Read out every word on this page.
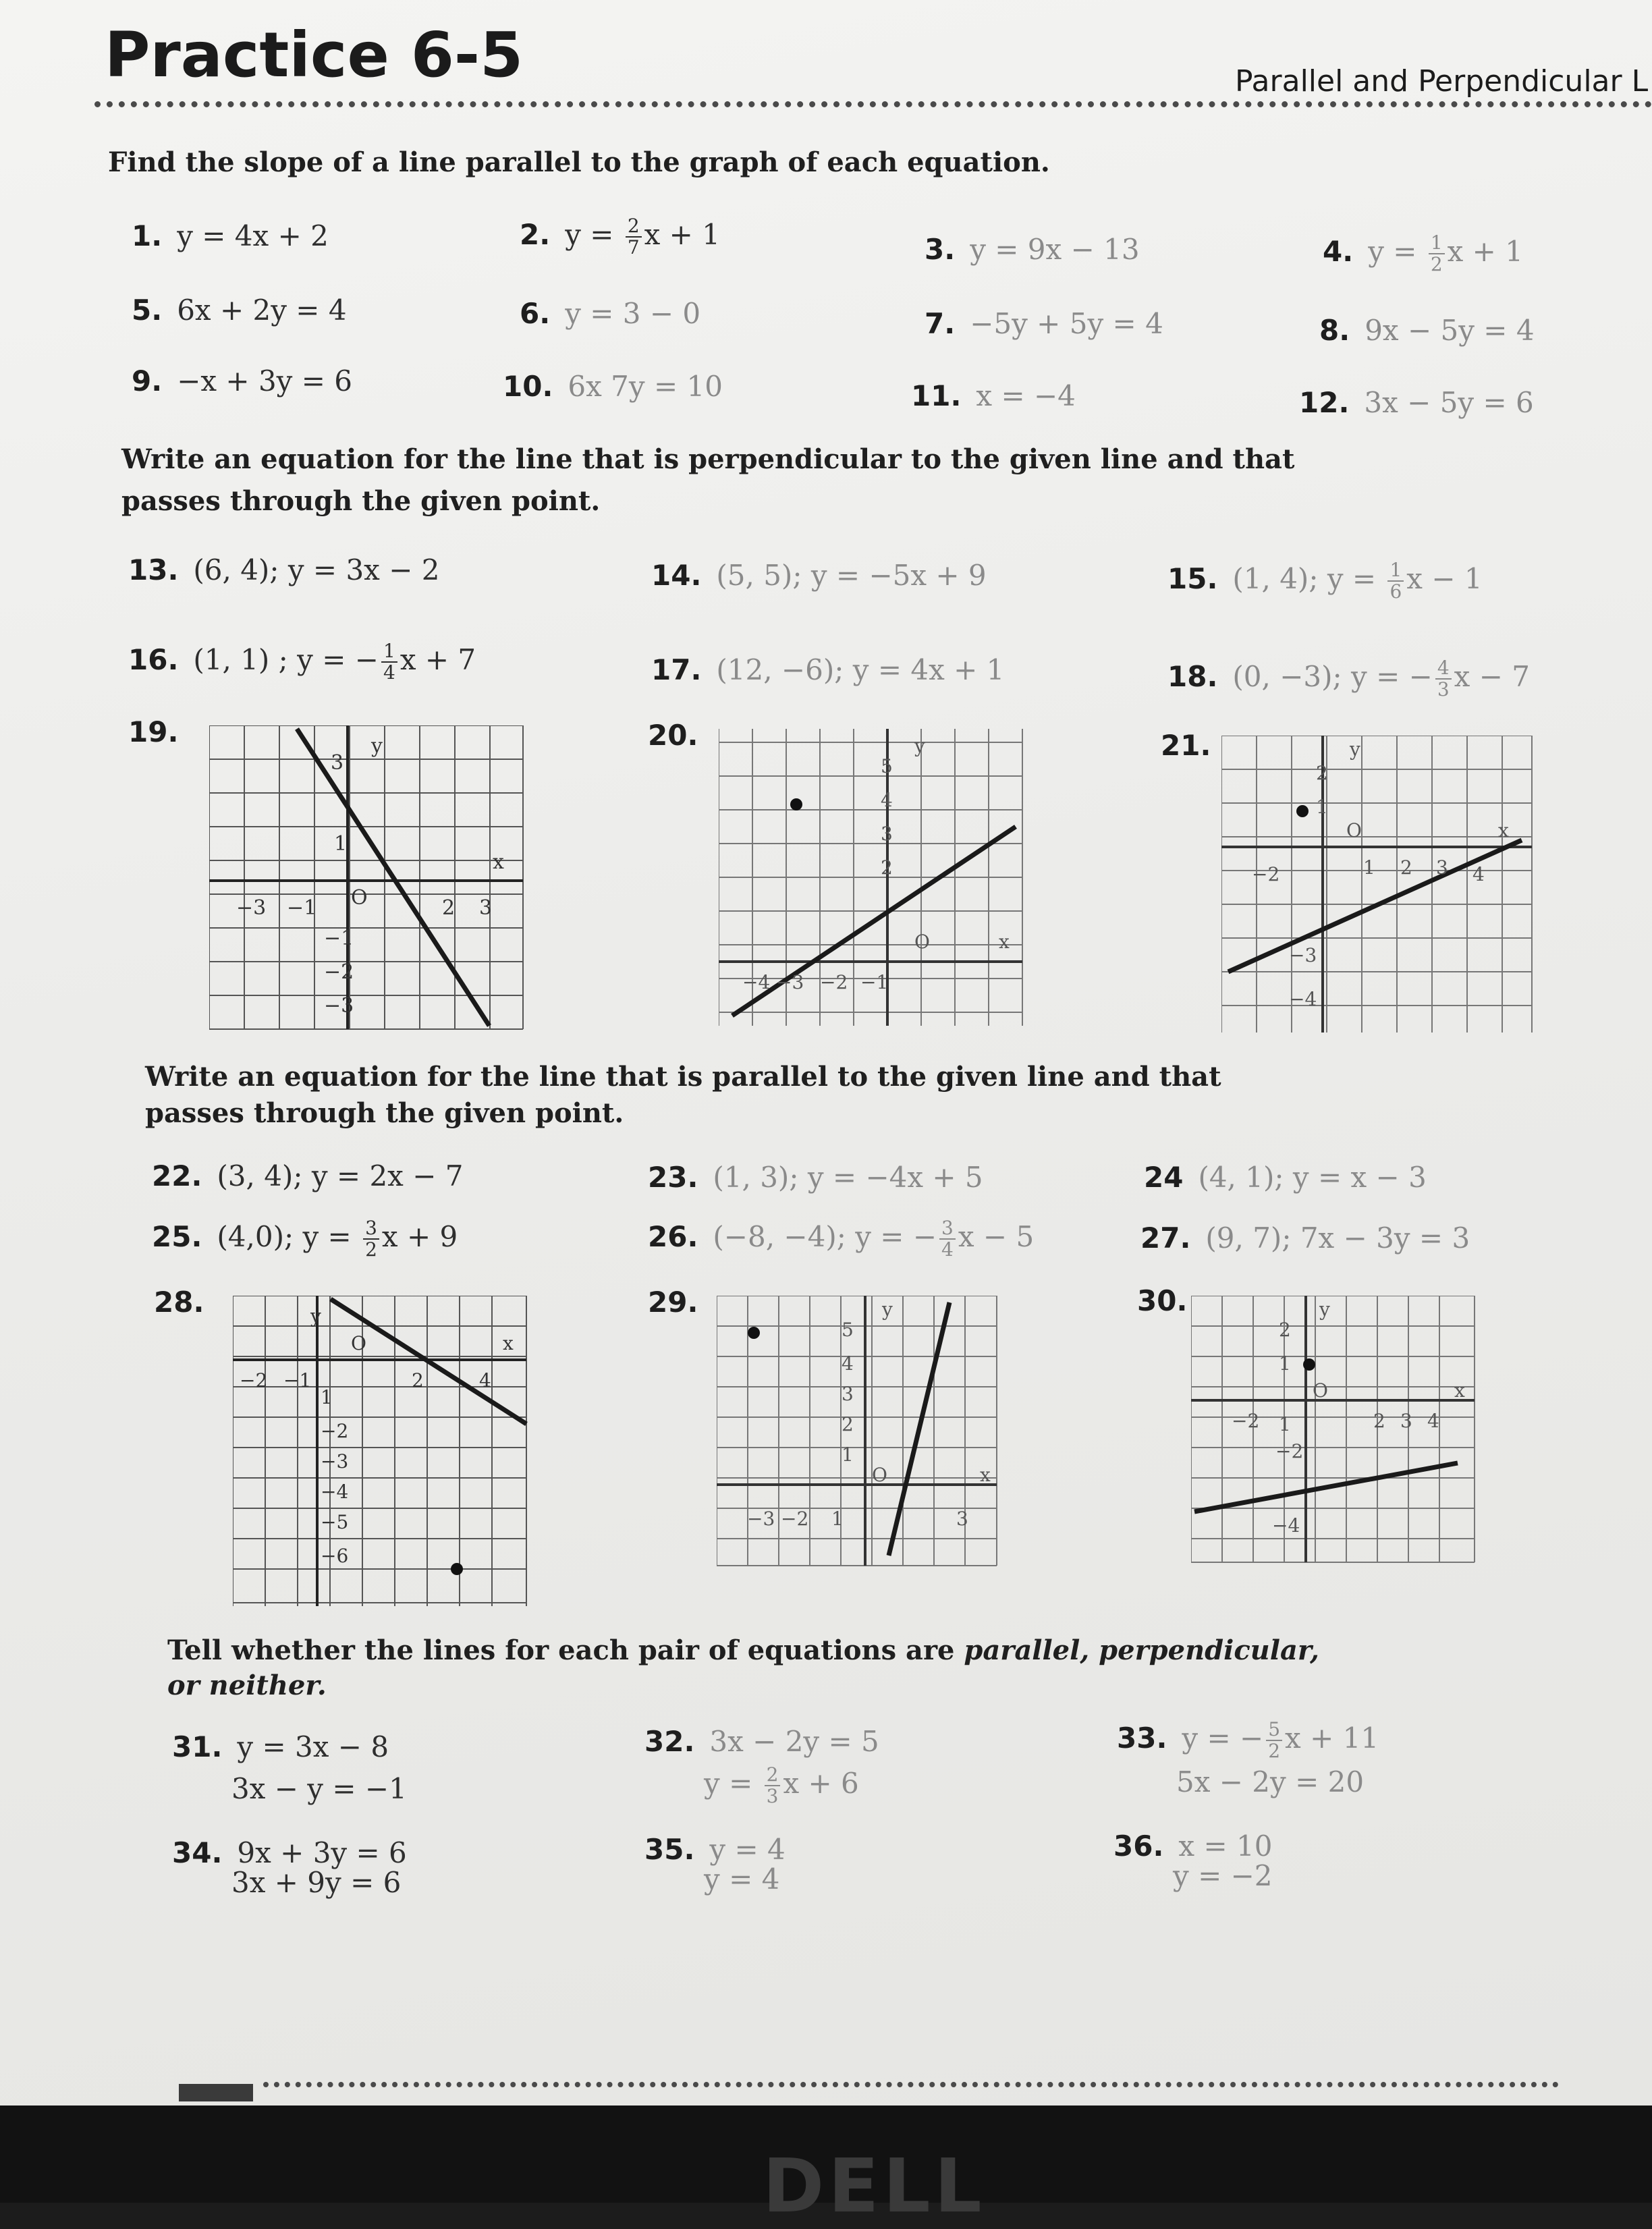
Practice 6-5	Parallel and Perpendicular L
Find the slope of a line parallel to the graph of each equation.
1. y = 4x + 2	2. $y = \frac{2}{7}$ x + 1	3. y = 9x − 13	4. $y = \frac{1}{2}$ x + 1
5. 6x + 2y = 4	6. y = 3 − 0	7. −5y + 5y = 4	8. 9x − 5y = 4
9. −x + 3y = 6	10. 6x 7y = 10	11. x = −4	12. 3x − 5y = 6
Write an equation for the line that is perpendicular to the given line and that
passes through the given point.
13. (6, 4); y = 3x − 2	14. (5, 5); y = −5x + 9	15. (1, 4); $y = \frac{1}{6}$ x − 1
16. (1, 1) ; y = − $\frac{1}{4}$ x + 7	17. (12, −6); y = 4x + 1	18. (0, −3); y = − $\frac{4}{3}$ x − 7
19.	20.	21.
y
x
O
3
1
−3 −1	2 3
−1
−2
−3
y
x
O
5
4
3
2
−4 −3 −2 −1
y
x
O
2
1
−2	1 2 3 4
−3
−4
Write an equation for the line that is parallel to the given line and that
passes through the given point.
22. (3, 4); y = 2x − 7	23. (1, 3); y = −4x + 5	24 (4, 1); y = x − 3
25. (4,0); $y = \frac{3}{2}$ x + 9	26. (−8, −4); y = − $\frac{3}{4}$ x − 5	27. (9, 7); 7x − 3y = 3
28.	29.	30.
y
x
O
−2 −1	2	4
1
−2
−3
−4
−5
−6
y
x
O
5
4
3
2
1
−3 −2 1	3
y
x
O
2
1
−2 1	2 3 4
−2
−4
Tell whether the lines for each pair of equations are parallel, perpendicular,
or neither.
31. y = 3x − 8
3x − y = −1
32. 3x − 2y = 5
$y = \frac{2}{3}$ x + 6
33. y = − $\frac{5}{2}$ x + 11
5x − 2y = 20
34. 9x + 3y = 6
3x + 9y = 6
35. y = 4
y = 4
36. x = 10
y = −2
DELL
